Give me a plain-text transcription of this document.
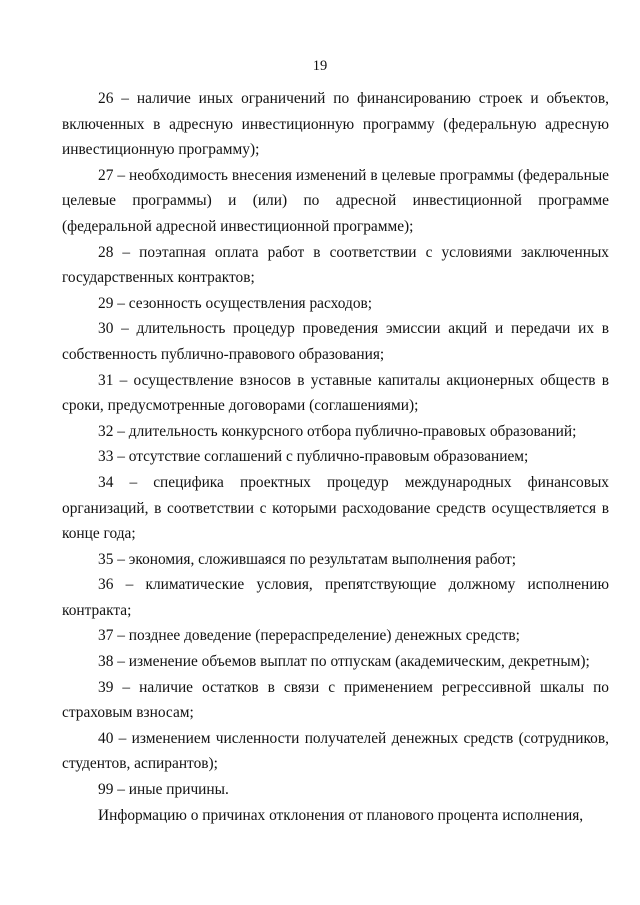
19

26 – наличие иных ограничений по финансированию строек и объектов, включенных в адресную инвестиционную программу (федеральную адресную инвестиционную программу);

27 – необходимость внесения изменений в целевые программы (федеральные целевые программы) и (или) по адресной инвестиционной программе (федеральной адресной инвестиционной программе);

28 – поэтапная оплата работ в соответствии с условиями заключенных государственных контрактов;

29 – сезонность осуществления расходов;

30 – длительность процедур проведения эмиссии акций и передачи их в собственность публично-правового образования;

31 – осуществление взносов в уставные капиталы акционерных обществ в сроки, предусмотренные договорами (соглашениями);

32 – длительность конкурсного отбора публично-правовых образований;

33 – отсутствие соглашений с публично-правовым образованием;

34 – специфика проектных процедур международных финансовых организаций, в соответствии с которыми расходование средств осуществляется в конце года;

35 – экономия, сложившаяся по результатам выполнения работ;

36 – климатические условия, препятствующие должному исполнению контракта;

37 – позднее доведение (перераспределение) денежных средств;

38 – изменение объемов выплат по отпускам (академическим, декретным);

39 – наличие остатков в связи с применением регрессивной шкалы по страховым взносам;

40 – изменением численности получателей денежных средств (сотрудников, студентов, аспирантов);

99 – иные причины.

Информацию о причинах отклонения от планового процента исполнения,
